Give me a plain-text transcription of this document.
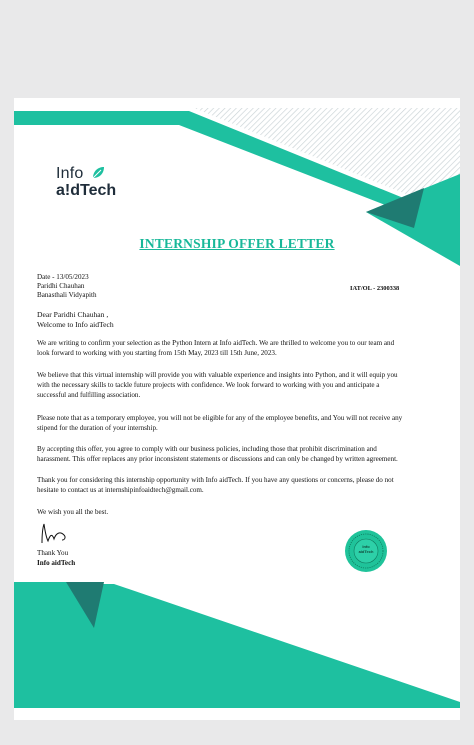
Info
a!dTech
INTERNSHIP OFFER LETTER
Date - 13/05/2023
Paridhi Chauhan
Banasthali Vidyapith
IAT/OL - 2300338
Dear Paridhi Chauhan ,
Welcome to Info aidTech
We are writing to confirm your selection as the Python Intern at Info aidTech. We are thrilled to welcome you to our team and
look forward to working with you starting from 15th May, 2023 till 15th June, 2023.
We believe that this virtual internship will provide you with valuable experience and insights into Python, and it will equip you
with the necessary skills to tackle future projects with confidence. We look forward to working with you and anticipate a
successful and fulfilling association.
Please note that as a temporary employee, you will not be eligible for any of the employee benefits, and You will not receive any
stipend for the duration of your internship.
By accepting this offer, you agree to comply with our business policies, including those that prohibit discrimination and
harassment. This offer replaces any prior inconsistent statements or discussions and can only be changed by written agreement.
Thank you for considering this internship opportunity with Info aidTech. If you have any questions or concerns, please do not
hesitate to contact us at internshipinfoaidtech@gmail.com.
We wish you all the best.
Thank You
Info aidTech
Info
aidTech
